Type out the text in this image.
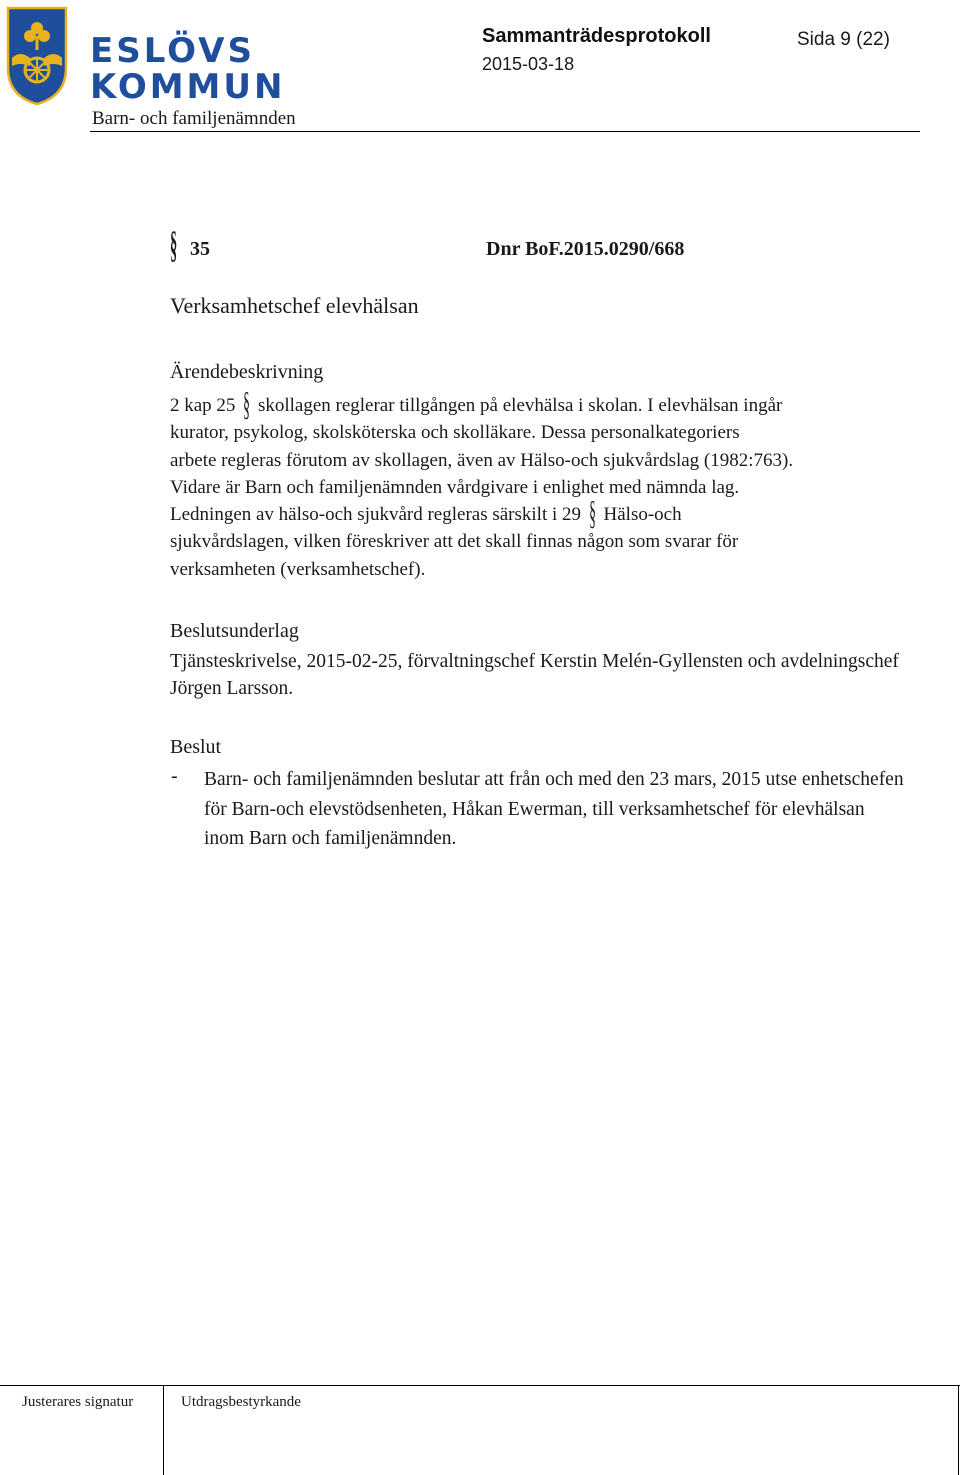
ESLÖVS
KOMMUN
Barn- och familjenämnden
Sammanträdesprotokoll	Sida 9 (22)
2015-03-18
§ 35	Dnr BoF.2015.0290/668
Verksamhetschef elevhälsan
Ärendebeskrivning
2 kap 25 § skollagen reglerar tillgången på elevhälsa i skolan. I elevhälsan ingår
kurator, psykolog, skolsköterska och skolläkare. Dessa personalkategoriers
arbete regleras förutom av skollagen, även av Hälso-och sjukvårdslag (1982:763).
Vidare är Barn och familjenämnden vårdgivare i enlighet med nämnda lag.
Ledningen av hälso-och sjukvård regleras särskilt i 29 § Hälso-och
sjukvårdslagen, vilken föreskriver att det skall finnas någon som svarar för
verksamheten (verksamhetschef).
Beslutsunderlag
Tjänsteskrivelse, 2015-02-25, förvaltningschef Kerstin Melén-Gyllensten och avdelningschef Jörgen Larsson.
Beslut
- Barn- och familjenämnden beslutar att från och med den 23 mars, 2015 utse enhetschefen för Barn-och elevstödsenheten, Håkan Ewerman, till verksamhetschef för elevhälsan inom Barn och familjenämnden.
Justerares signatur	Utdragsbestyrkande
